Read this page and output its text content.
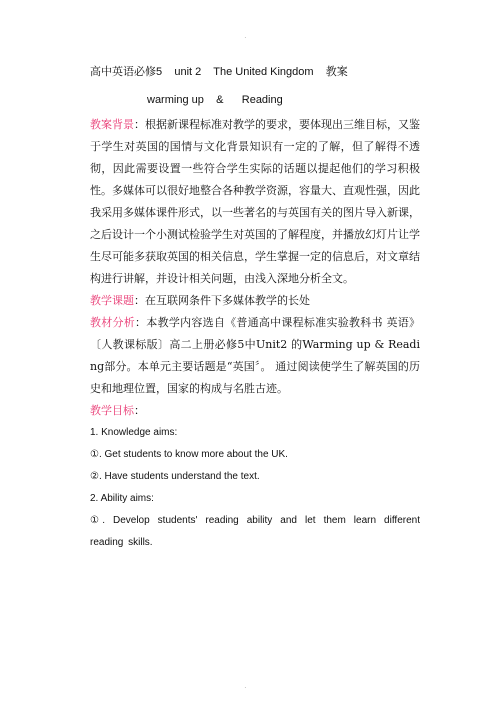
·
高中英语必修5    unit 2    The United Kingdom    教案
warming up    &      Reading

教案背景：根据新课程标准对教学的要求，要体现出三维目标，又鉴于学生对英国的国情与文化背景知识有一定的了解，但了解得不透彻，因此需要设置一些符合学生实际的话题以提起他们的学习积极性。多媒体可以很好地整合各种教学资源，容量大、直观性强，因此我采用多媒体课件形式，以一些著名的与英国有关的图片导入新课，之后设计一个小测试检验学生对英国的了解程度，并播放幻灯片让学生尽可能多获取英国的相关信息，学生掌握一定的信息后，对文章结构进行讲解，并设计相关问题，由浅入深地分析全文。

教学课题：在互联网条件下多媒体教学的长处

教材分析：本教学内容选自《普通高中课程标准实验教科书 英语》〔人教课标版〕高二上册必修5中Unit2 的Warming up & Reading部分。本单元主要话题是“英国〞。 通过阅读使学生了解英国的历史和地理位置，国家的构成与名胜古迹。

教学目标：

1. Knowledge aims:

①. Get students to know more about the UK.

②. Have students understand the text.

2. Ability aims:

①. Develop students' reading ability and let them learn different reading skills.

·
